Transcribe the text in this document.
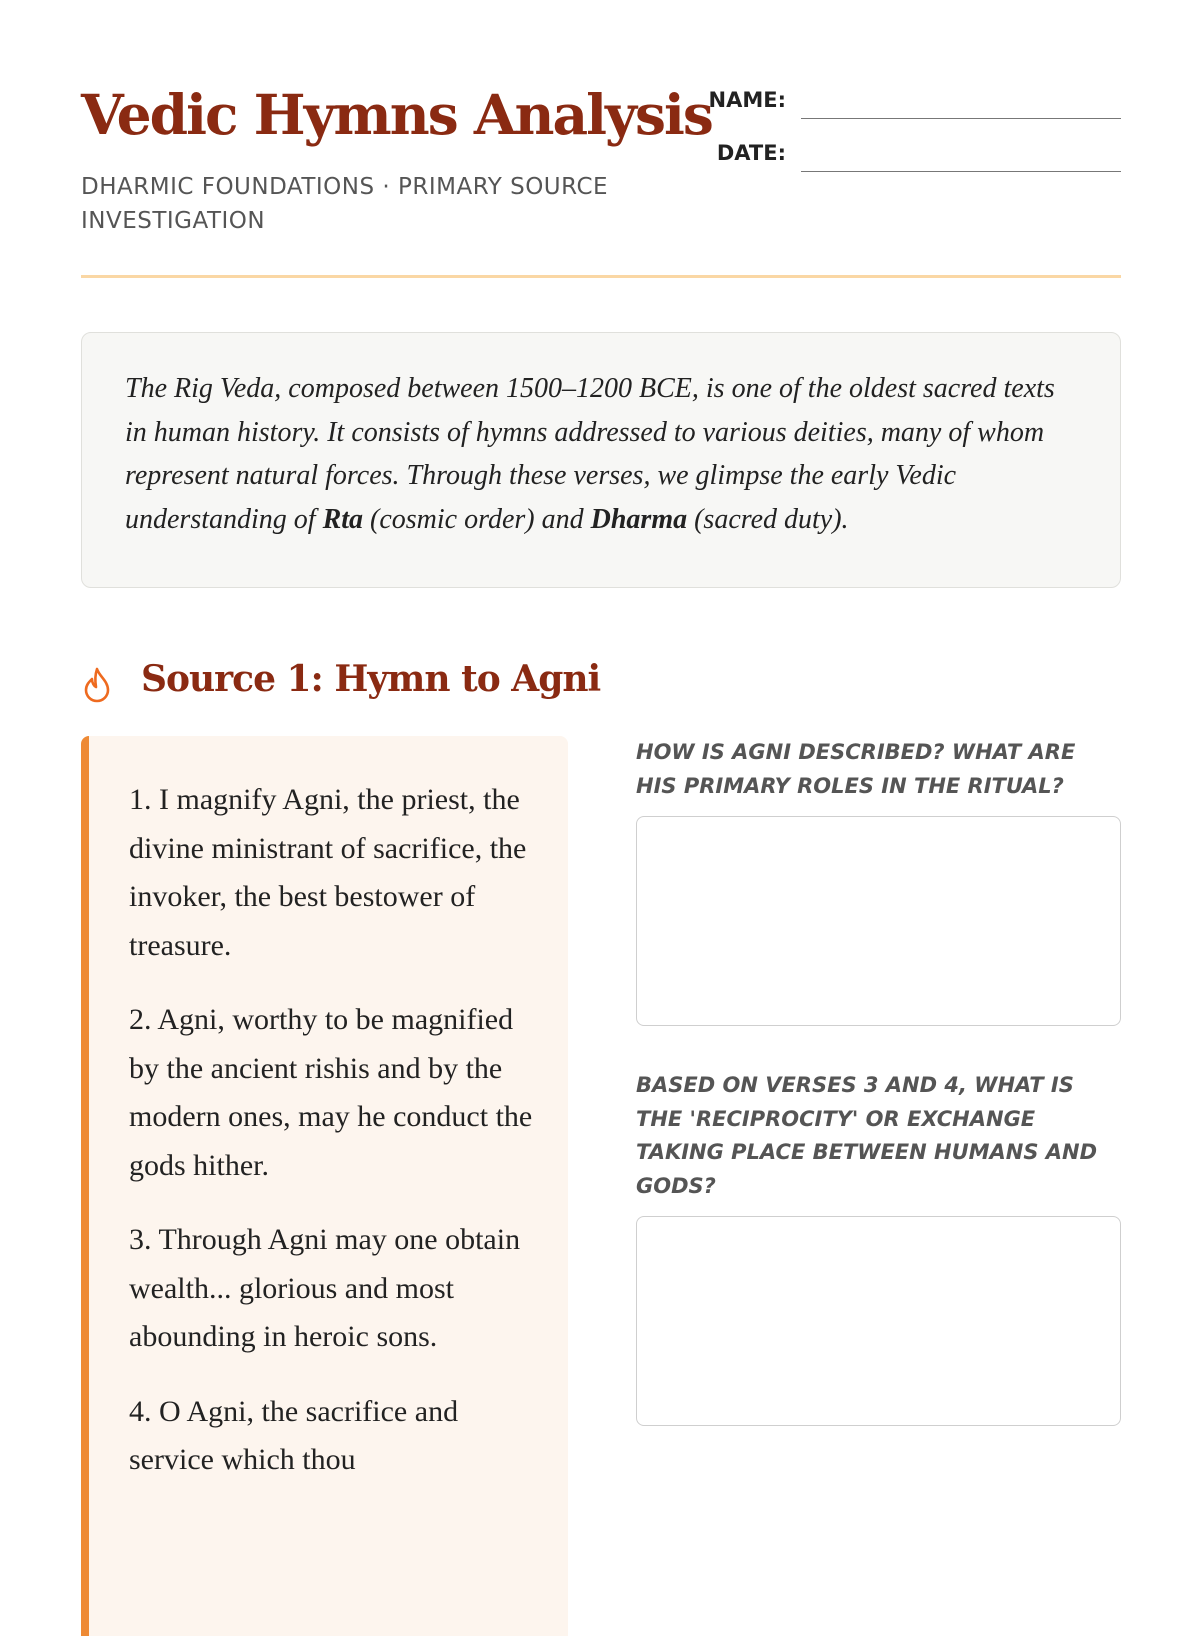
Vedic Hymns Analysis

DHARMIC FOUNDATIONS · PRIMARY SOURCE INVESTIGATION

NAME:

DATE:

The Rig Veda, composed between 1500–1200 BCE, is one of the oldest sacred texts in human history. It consists of hymns addressed to various deities, many of whom represent natural forces. Through these verses, we glimpse the early Vedic understanding of Rta (cosmic order) and Dharma (sacred duty).

Source 1: Hymn to Agni

1. I magnify Agni, the priest, the divine ministrant of sacrifice, the invoker, the best bestower of treasure.

2. Agni, worthy to be magnified by the ancient rishis and by the modern ones, may he conduct the gods hither.

3. Through Agni may one obtain wealth... glorious and most abounding in heroic sons.

4. O Agni, the sacrifice and service which thou

HOW IS AGNI DESCRIBED? WHAT ARE HIS PRIMARY ROLES IN THE RITUAL?

BASED ON VERSES 3 AND 4, WHAT IS THE 'RECIPROCITY' OR EXCHANGE TAKING PLACE BETWEEN HUMANS AND GODS?
